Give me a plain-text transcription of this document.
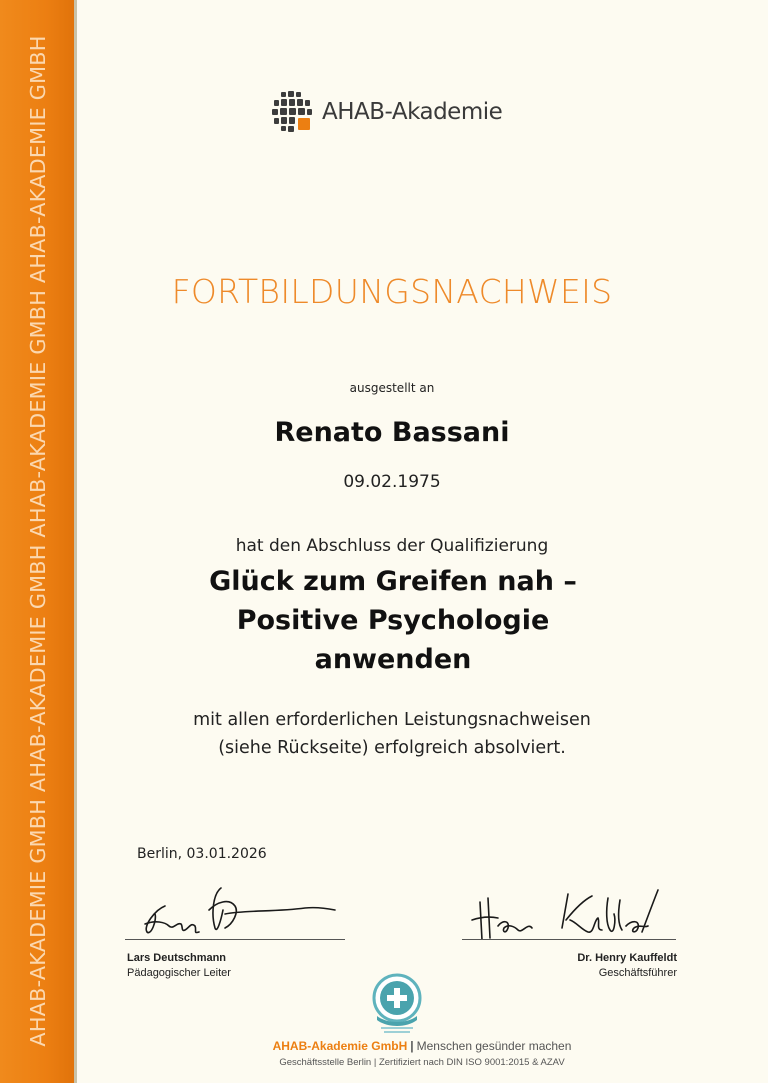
AHAB-AKADEMIE GMBH AHAB-AKADEMIE GMBH AHAB-AKADEMIE GMBH AHAB-AKADEMIE GMBH	AHAB-Akademie
FORTBILDUNGSNACHWEIS
ausgestellt an
Renato Bassani
09.02.1975
hat den Abschluss der Qualifizierung
Glück zum Greifen nah – Positive Psychologie anwenden
mit allen erforderlichen Leistungsnachweisen
(siehe Rückseite) erfolgreich absolviert.
Berlin, 03.01.2026
Lars Deutschmann
Pädagogischer Leiter
Dr. Henry Kauffeldt
Geschäftsführer
AHAB-Akademie GmbH | Menschen gesünder machen
Geschäftsstelle Berlin | Zertifiziert nach DIN ISO 9001:2015 & AZAV
